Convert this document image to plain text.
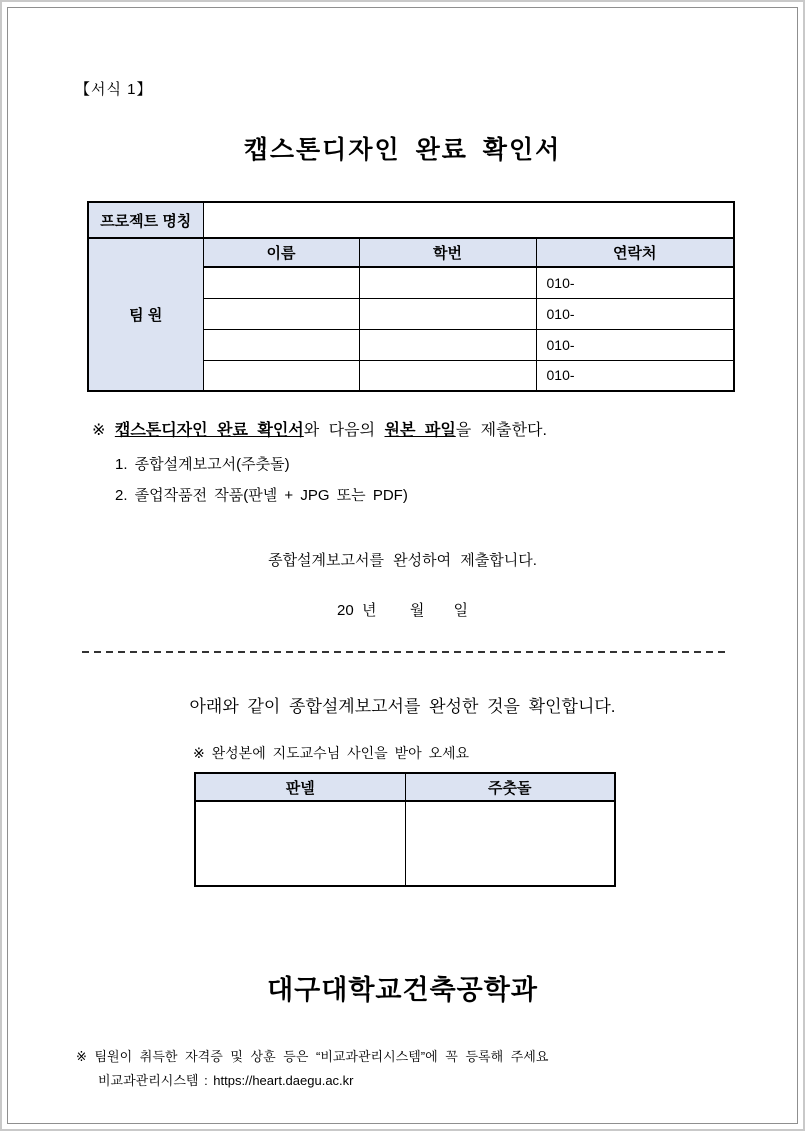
【서식 1】
캡스톤디자인 완료 확인서
프로젝트 명칭			
팀 원	이름	학번	연락처
			010-
			010-
			010-
			010-
※ 캡스톤디자인 완료 확인서와 다음의 원본 파일을 제출한다.
1. 종합설계보고서(주춧돌)
2. 졸업작품전 작품(판넬 + JPG 또는 PDF)
종합설계보고서를 완성하여 제출합니다.
20  년        월       일
아래와 같이 종합설계보고서를 완성한 것을 확인합니다.
※ 완성본에 지도교수님 사인을 받아 오세요
판넬	주춧돌

대구대학교건축공학과
※ 팀원이 취득한 자격증 및 상훈 등은 “비교과관리시스템”에 꼭 등록해 주세요
비교과관리시스템 : https://heart.daegu.ac.kr
